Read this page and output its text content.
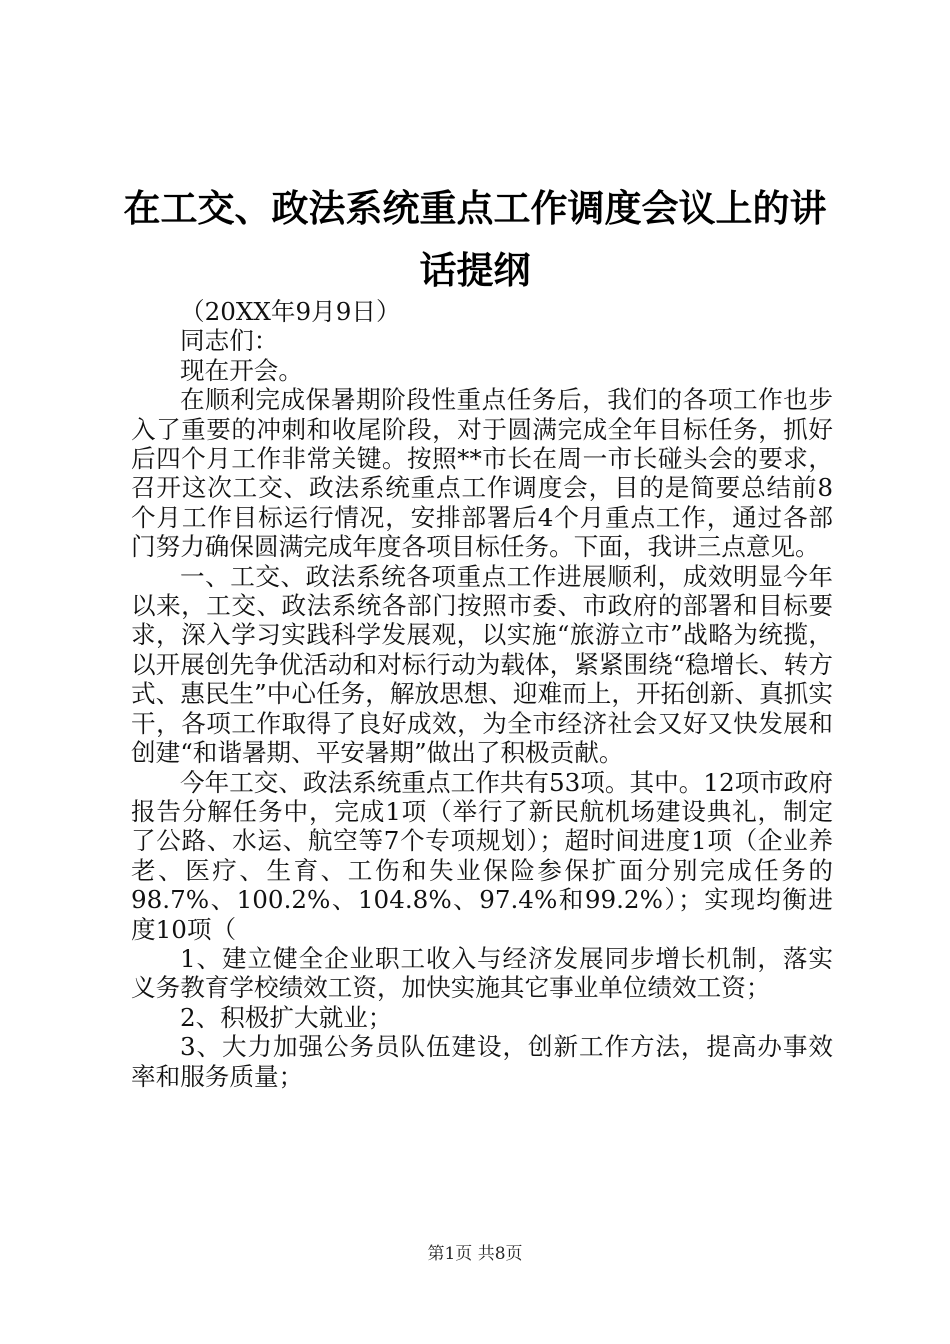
在工交、政法系统重点工作调度会议上的讲话提纲

（20XX年9月9日）

同志们：

现在开会。

在顺利完成保暑期阶段性重点任务后，我们的各项工作也步入了重要的冲刺和收尾阶段，对于圆满完成全年目标任务，抓好后四个月工作非常关键。按照**市长在周一市长碰头会的要求，召开这次工交、政法系统重点工作调度会，目的是简要总结前8个月工作目标运行情况，安排部署后4个月重点工作，通过各部门努力确保圆满完成年度各项目标任务。下面，我讲三点意见。

一、工交、政法系统各项重点工作进展顺利，成效明显今年以来，工交、政法系统各部门按照市委、市政府的部署和目标要求，深入学习实践科学发展观，以实施“旅游立市”战略为统揽，以开展创先争优活动和对标行动为载体，紧紧围绕“稳增长、转方式、惠民生”中心任务，解放思想、迎难而上，开拓创新、真抓实干，各项工作取得了良好成效，为全市经济社会又好又快发展和创建“和谐暑期、平安暑期”做出了积极贡献。

今年工交、政法系统重点工作共有53项。其中。12项市政府报告分解任务中，完成1项（举行了新民航机场建设典礼，制定了公路、水运、航空等7个专项规划）；超时间进度1项（企业养老、医疗、生育、工伤和失业保险参保扩面分别完成任务的98.7%、100.2%、104.8%、97.4%和99.2%）；实现均衡进度10项（

1、建立健全企业职工收入与经济发展同步增长机制，落实义务教育学校绩效工资，加快实施其它事业单位绩效工资；

2、积极扩大就业；

3、大力加强公务员队伍建设，创新工作方法，提高办事效率和服务质量；

第1页 共8页
